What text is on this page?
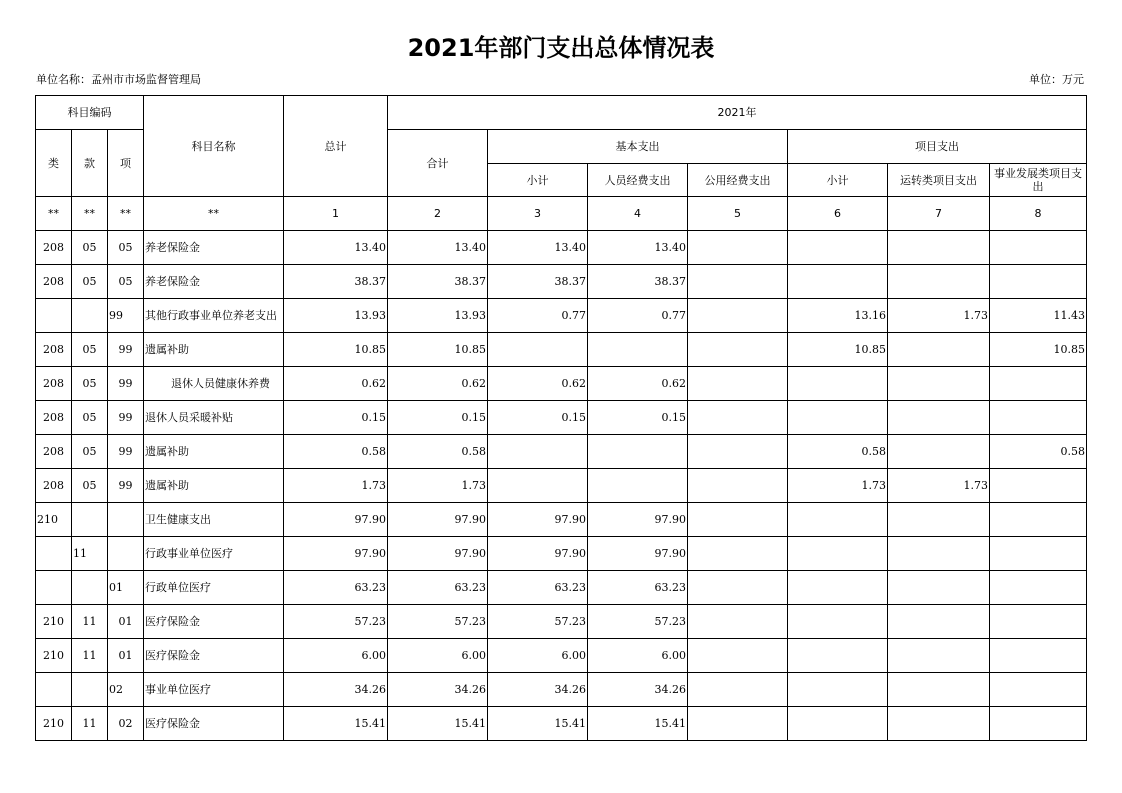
2021年部门支出总体情况表
单位名称：孟州市市场监督管理局	单位：万元
科目编码			科目名称	总计	2021年						
类	款	项			合计	基本支出			项目支出		
						小计	人员经费支出	公用经费支出	小计	运转类项目支出	事业发展类项目支出
**	**	**	**	1	2	3	4	5	6	7	8
208	05	05	养老保险金	13.40	13.40	13.40	13.40				
208	05	05	养老保险金	38.37	38.37	38.37	38.37				
		99	其他行政事业单位养老支出	13.93	13.93	0.77	0.77		13.16	1.73	11.43
208	05	99	遗属补助	10.85	10.85				10.85		10.85
208	05	99	退休人员健康休养费	0.62	0.62	0.62	0.62				
208	05	99	退休人员采暖补贴	0.15	0.15	0.15	0.15				
208	05	99	遗属补助	0.58	0.58				0.58		0.58
208	05	99	遗属补助	1.73	1.73				1.73	1.73	
210			卫生健康支出	97.90	97.90	97.90	97.90				
	11		行政事业单位医疗	97.90	97.90	97.90	97.90				
		01	行政单位医疗	63.23	63.23	63.23	63.23				
210	11	01	医疗保险金	57.23	57.23	57.23	57.23				
210	11	01	医疗保险金	6.00	6.00	6.00	6.00				
		02	事业单位医疗	34.26	34.26	34.26	34.26				
210	11	02	医疗保险金	15.41	15.41	15.41	15.41				
